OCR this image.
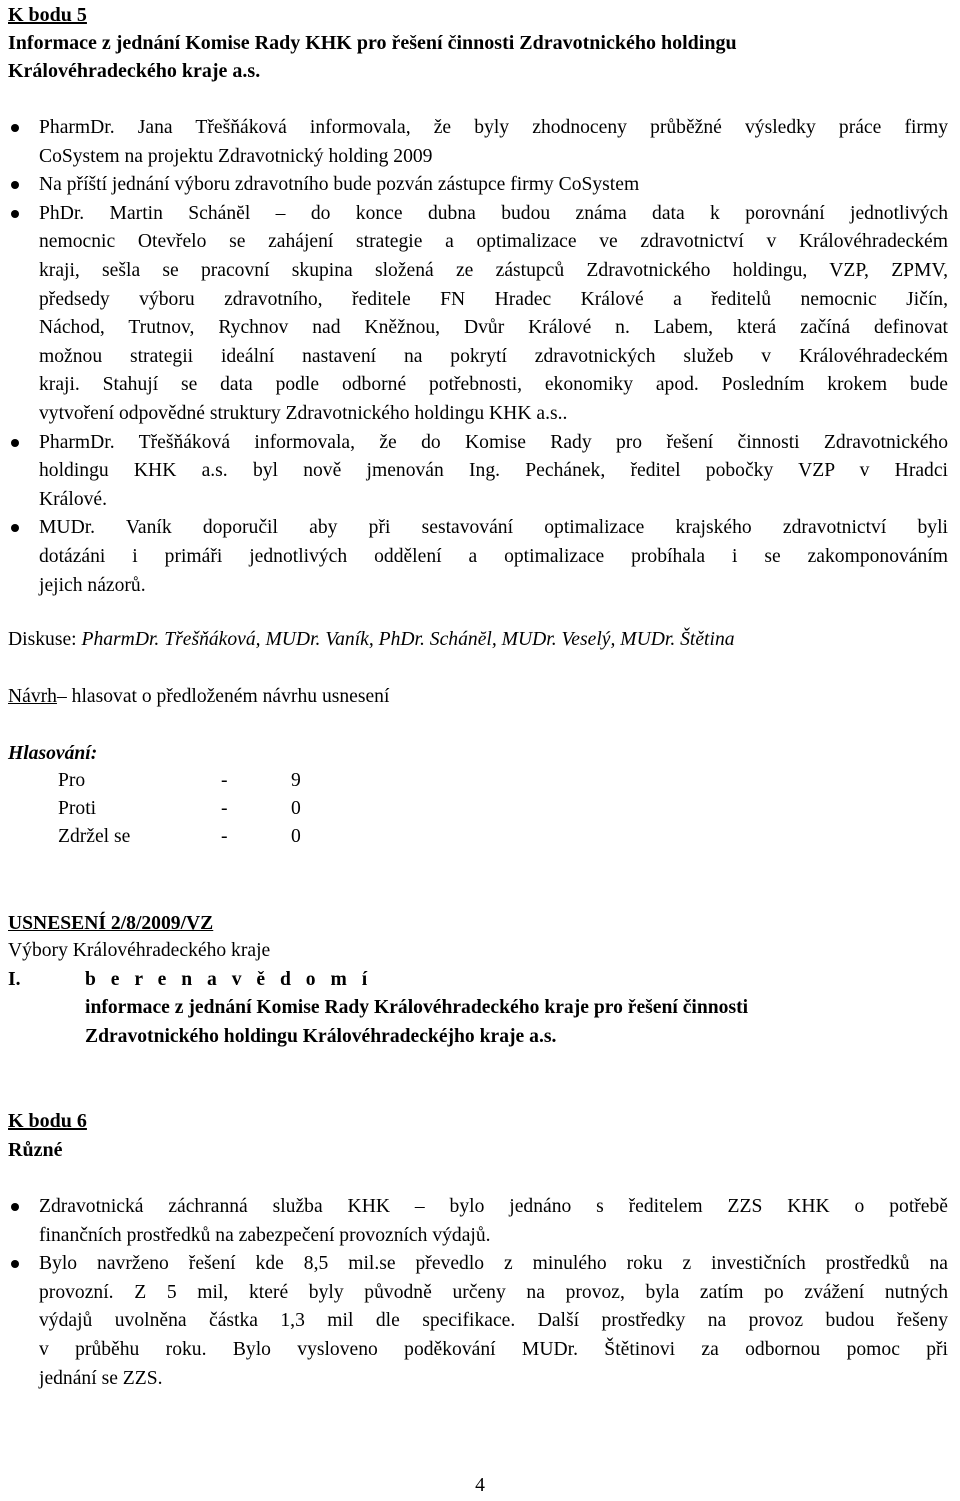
K bodu 5
Informace z jednání Komise Rady KHK pro řešení činnosti Zdravotnického holdingu
Královéhradeckého kraje a.s.
PharmDr. Jana Třešňáková informovala, že byly zhodnoceny průběžné výsledky práce firmy
CoSystem na projektu Zdravotnický holding 2009
Na příští jednání výboru zdravotního bude pozván zástupce firmy CoSystem
PhDr. Martin Schánĕl – do konce dubna budou známa data k porovnání jednotlivých
nemocnic Otevřelo se zahájení strategie a optimalizace ve zdravotnictví v Královéhradeckém
kraji, sešla se pracovní skupina složená ze zástupců Zdravotnického holdingu, VZP, ZPMV,
předsedy výboru zdravotního, ředitele FN Hradec Králové a ředitelů nemocnic Jičín,
Náchod, Trutnov, Rychnov nad Kněžnou, Dvůr Králové n. Labem, která začíná definovat
možnou strategii ideální nastavení na pokrytí zdravotnických služeb v Královéhradeckém
kraji. Stahují se data podle odborné potřebnosti, ekonomiky apod. Posledním krokem bude
vytvoření odpovědné struktury Zdravotnického holdingu KHK a.s..
PharmDr. Třešňáková informovala, že do Komise Rady pro řešení činnosti Zdravotnického
holdingu KHK a.s. byl nově jmenován Ing. Pechánek, ředitel pobočky VZP v Hradci
Králové.
MUDr. Vaník doporučil aby při sestavování optimalizace krajského zdravotnictví byli
dotázáni i primáři jednotlivých oddělení a optimalizace probíhala i se zakomponováním
jejich názorů.
Diskuse: PharmDr. Třešňáková, MUDr. Vaník, PhDr. Schánĕl, MUDr. Veselý, MUDr. Štětina
Návrh– hlasovat o předloženém návrhu usnesení
Hlasování:
Pro	-	9
Proti	-	0
Zdržel se	-	0
USNESENÍ 2/8/2009/VZ
Výbory Královéhradeckého kraje
I.	b e r e n a v ě d o m í
informace z jednání Komise Rady Královéhradeckého kraje pro řešení činnosti
Zdravotnického holdingu Královéhradeckéjho kraje a.s.
K bodu 6
Různé
Zdravotnická záchranná služba KHK – bylo jednáno s ředitelem ZZS KHK o potřebě
finančních prostředků na zabezpečení provozních výdajů.
Bylo navrženo řešení kde 8,5 mil.se převedlo z minulého roku z investičních prostředků na
provozní. Z 5 mil, které byly původně určeny na provoz, byla zatím po zvážení nutných
výdajů uvolněna částka 1,3 mil dle specifikace. Další prostředky na provoz budou řešeny
v průběhu roku. Bylo vysloveno poděkování MUDr. Štětinovi za odbornou pomoc při
jednání se ZZS.
4
